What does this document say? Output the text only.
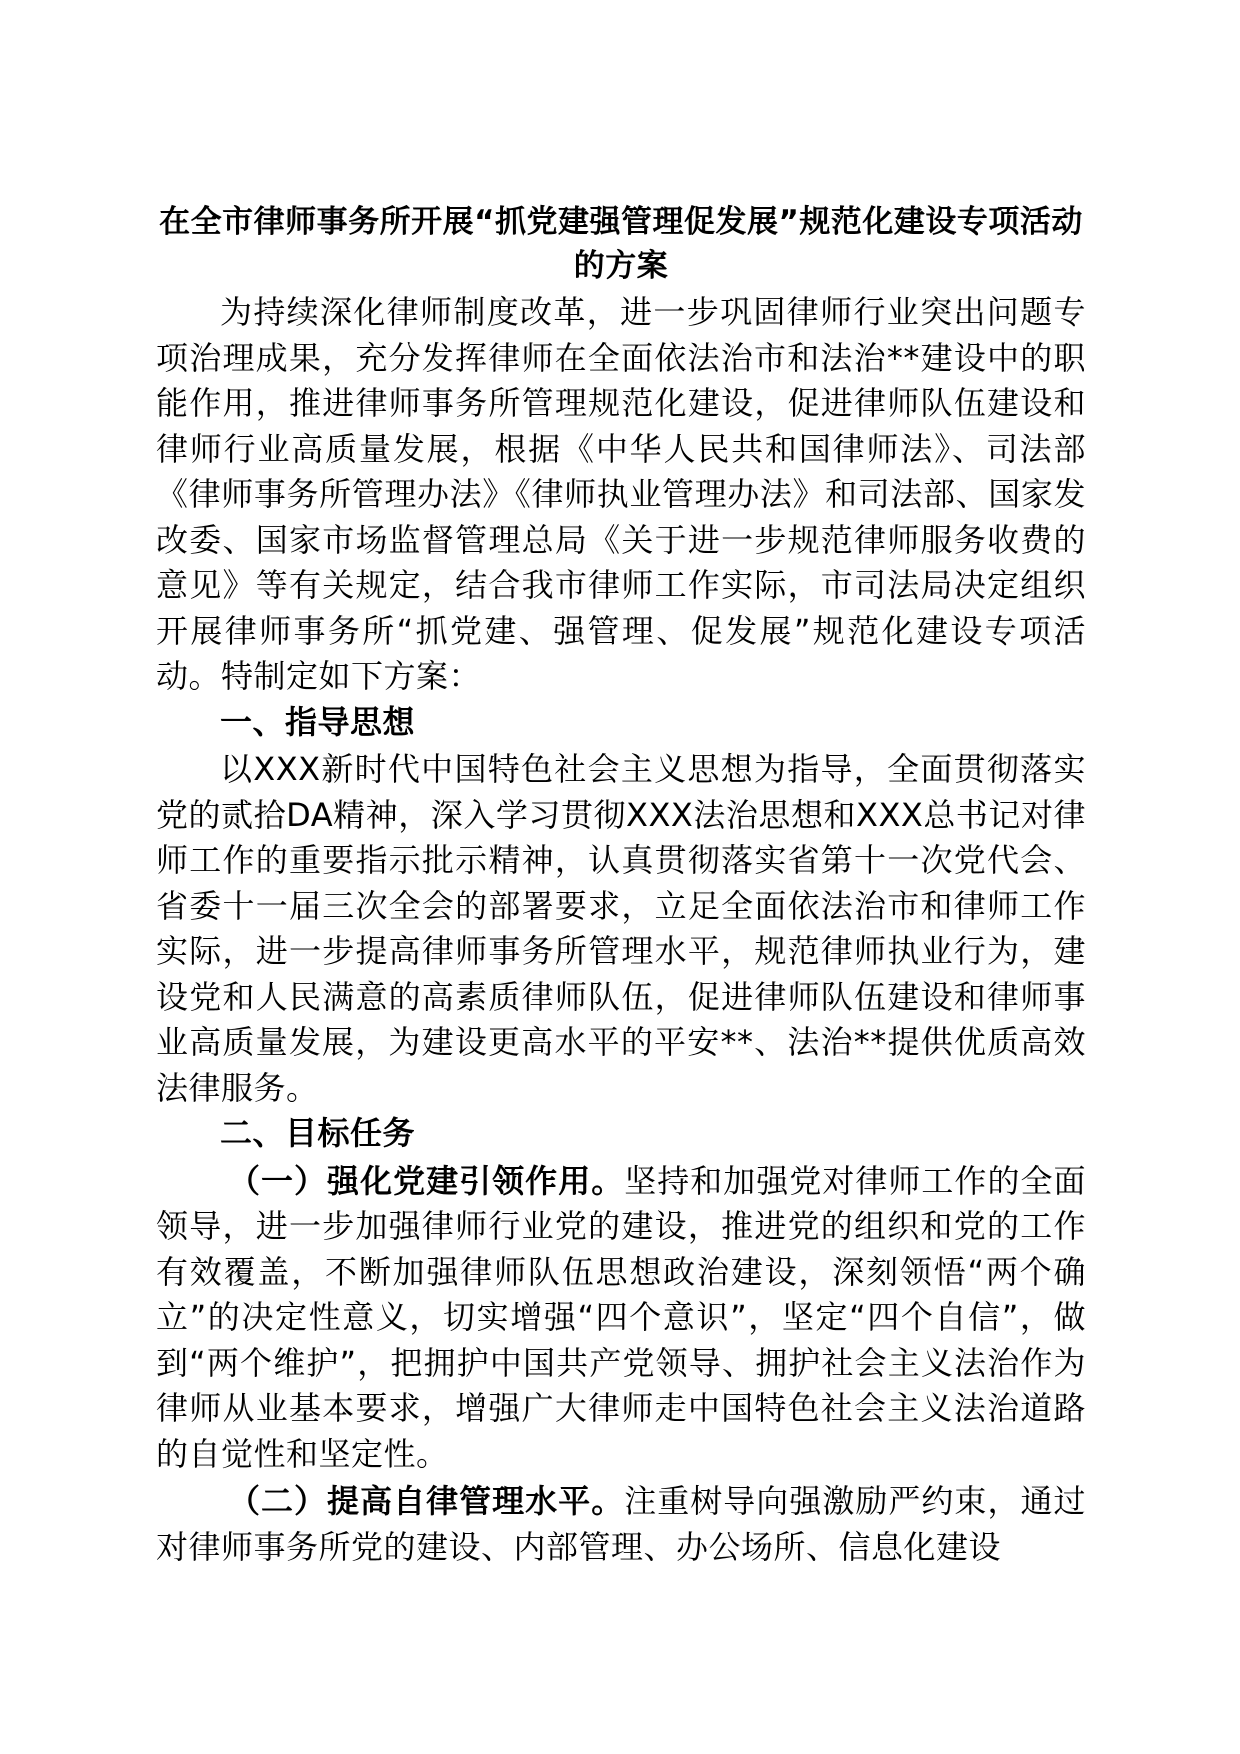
在全市律师事务所开展“抓党建强管理促发展”规范化建设专项活动的方案

为持续深化律师制度改革，进一步巩固律师行业突出问题专项治理成果，充分发挥律师在全面依法治市和法治**建设中的职能作用，推进律师事务所管理规范化建设，促进律师队伍建设和律师行业高质量发展，根据《中华人民共和国律师法》、司法部《律师事务所管理办法》《律师执业管理办法》和司法部、国家发改委、国家市场监督管理总局《关于进一步规范律师服务收费的意见》等有关规定，结合我市律师工作实际，市司法局决定组织开展律师事务所“抓党建、强管理、促发展”规范化建设专项活动。特制定如下方案：

一、指导思想

以XXX新时代中国特色社会主义思想为指导，全面贯彻落实党的贰拾DA精神，深入学习贯彻XXX法治思想和XXX总书记对律师工作的重要指示批示精神，认真贯彻落实省第十一次党代会、省委十一届三次全会的部署要求，立足全面依法治市和律师工作实际，进一步提高律师事务所管理水平，规范律师执业行为，建设党和人民满意的高素质律师队伍，促进律师队伍建设和律师事业高质量发展，为建设更高水平的平安**、法治**提供优质高效法律服务。

二、目标任务

（一）强化党建引领作用。坚持和加强党对律师工作的全面领导，进一步加强律师行业党的建设，推进党的组织和党的工作有效覆盖，不断加强律师队伍思想政治建设，深刻领悟“两个确立”的决定性意义，切实增强“四个意识”，坚定“四个自信”，做到“两个维护”，把拥护中国共产党领导、拥护社会主义法治作为律师从业基本要求，增强广大律师走中国特色社会主义法治道路的自觉性和坚定性。

（二）提高自律管理水平。注重树导向强激励严约束，通过对律师事务所党的建设、内部管理、办公场所、信息化建设
